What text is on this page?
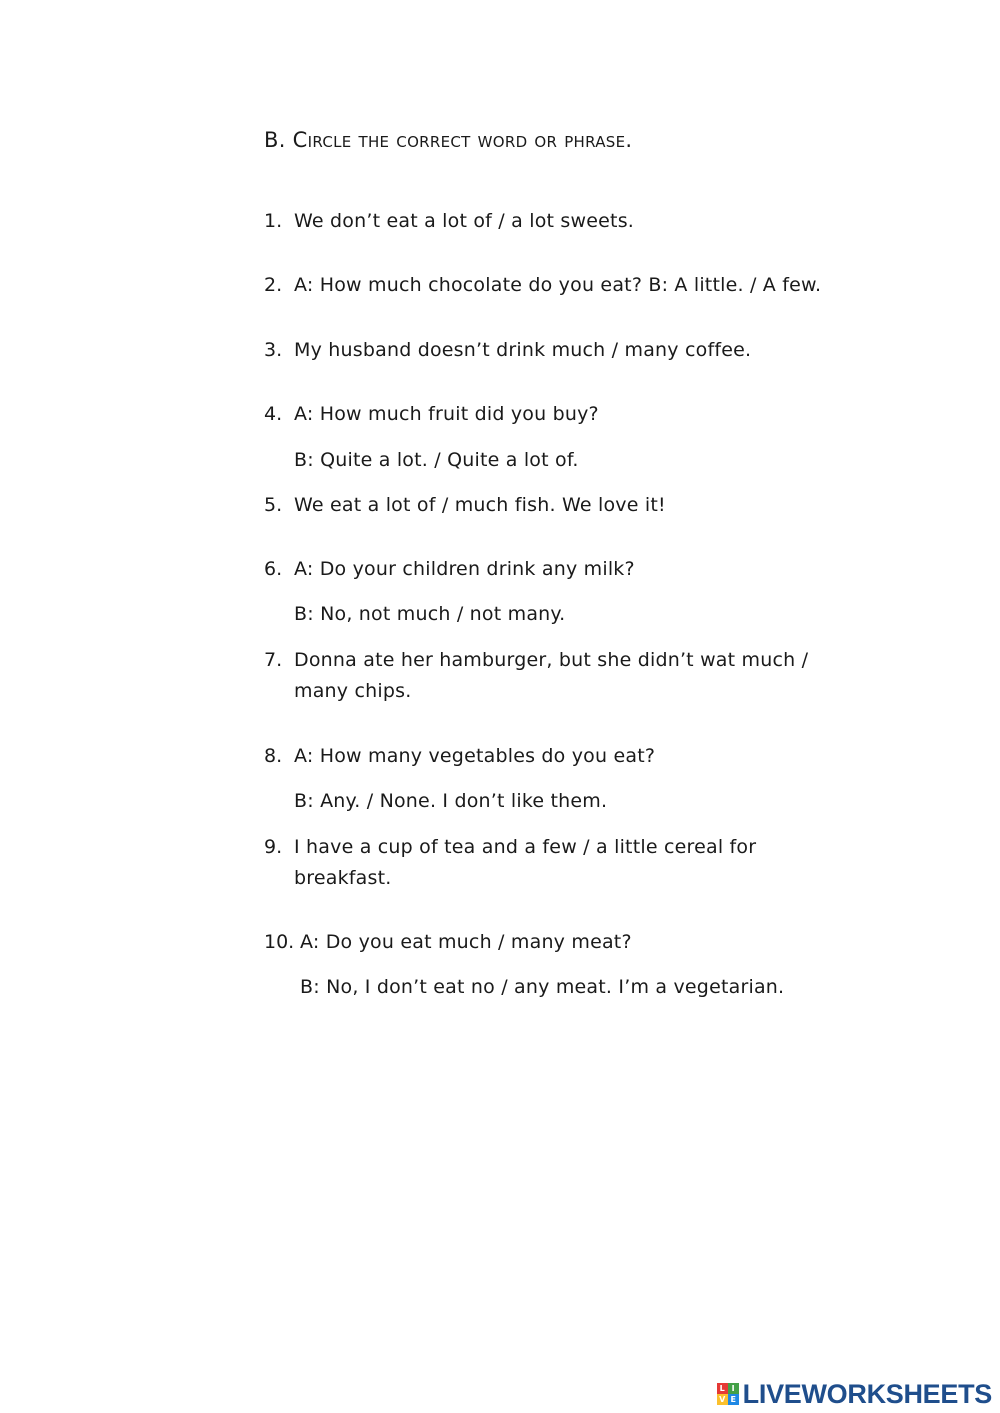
B. Circle the correct word or phrase.
1. We don’t eat a lot of / a lot sweets.
2. A: How much chocolate do you eat? B: A little. / A few.
3. My husband doesn’t drink much / many coffee.
4. A: How much fruit did you buy?
B: Quite a lot. / Quite a lot of.
5. We eat a lot of / much fish. We love it!
6. A: Do your children drink any milk?
B: No, not much / not many.
7. Donna ate her hamburger, but she didn’t wat much /
many chips.
8. A: How many vegetables do you eat?
B: Any. / None. I don’t like them.
9. I have a cup of tea and a few / a little cereal for
breakfast.
10. A: Do you eat much / many meat?
B: No, I don’t eat no / any meat. I’m a vegetarian.
L I
V E LIVEWORKSHEETS
